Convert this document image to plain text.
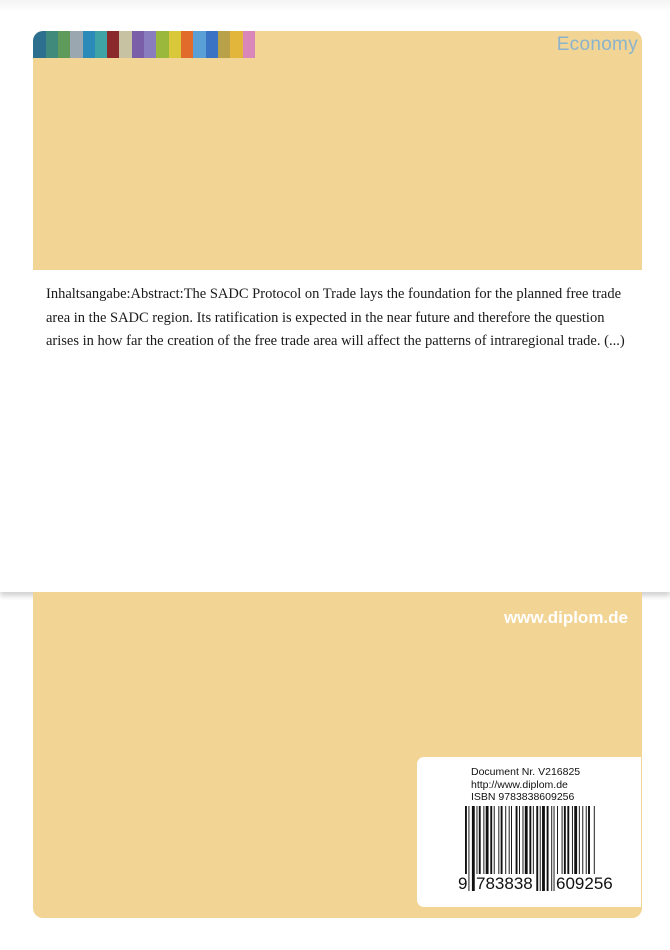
Economy
Inhaltsangabe:Abstract:The SADC Protocol on Trade lays the foundation for the planned free trade area in the SADC region. Its ratification is expected in the near future and therefore the question arises in how far the creation of the free trade area will affect the patterns of intraregional trade. (...)
www.diplom.de
Document Nr. V216825
http://www.diplom.de
ISBN 9783838609256
9 783838 609256
